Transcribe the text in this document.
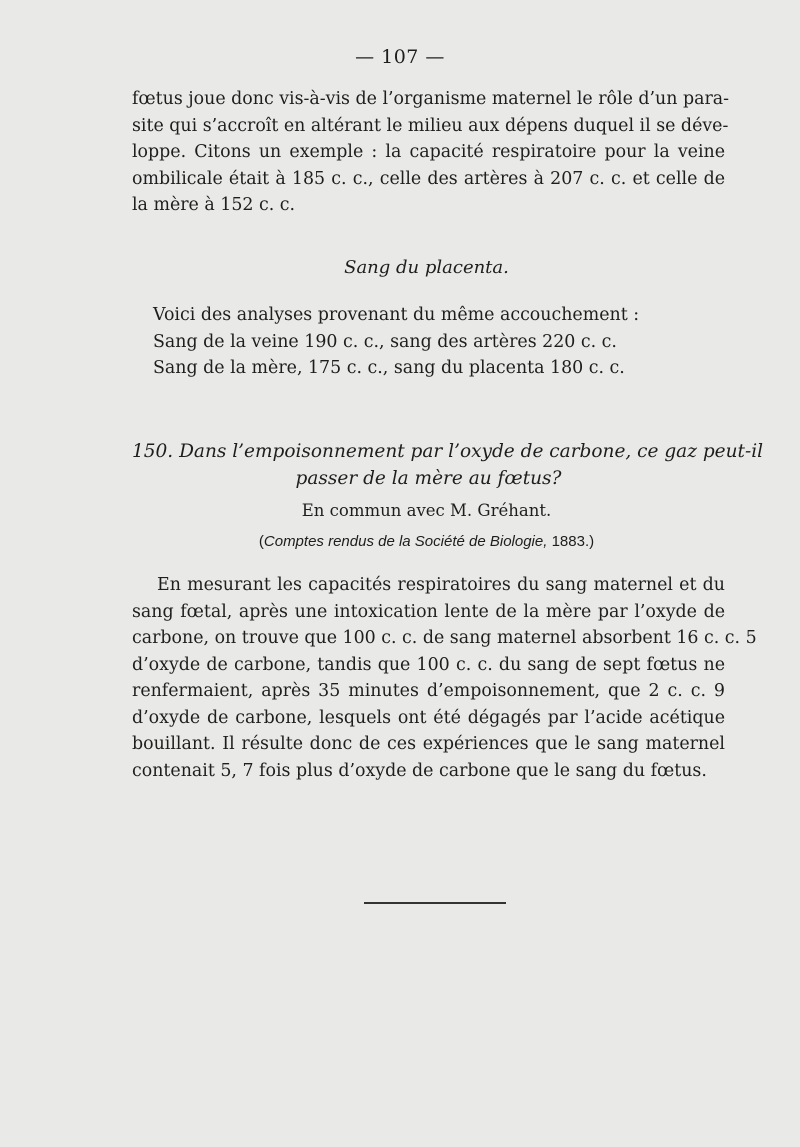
— 107 —
fœtus joue donc vis-à-vis de l’organisme maternel le rôle d’un para-
site qui s’accroît en altérant le milieu aux dépens duquel il se déve-
loppe. Citons un exemple : la capacité respiratoire pour la veine
ombilicale était à 185 c. c., celle des artères à 207 c. c. et celle de
la mère à 152 c. c.
Sang du placenta.
Voici des analyses provenant du même accouchement :
Sang de la veine 190 c. c., sang des artères 220 c. c.
Sang de la mère, 175 c. c., sang du placenta 180 c. c.
150. Dans l’empoisonnement par l’oxyde de carbone, ce gaz peut-il
passer de la mère au fœtus?
En commun avec M. Gréhant.
(Comptes rendus de la Société de Biologie, 1883.)
En mesurant les capacités respiratoires du sang maternel et du
sang fœtal, après une intoxication lente de la mère par l’oxyde de
carbone, on trouve que 100 c. c. de sang maternel absorbent 16 c. c. 5
d’oxyde de carbone, tandis que 100 c. c. du sang de sept fœtus ne
renfermaient, après 35 minutes d’empoisonnement, que 2 c. c. 9
d’oxyde de carbone, lesquels ont été dégagés par l’acide acétique
bouillant. Il résulte donc de ces expériences que le sang maternel
contenait 5, 7 fois plus d’oxyde de carbone que le sang du fœtus.
